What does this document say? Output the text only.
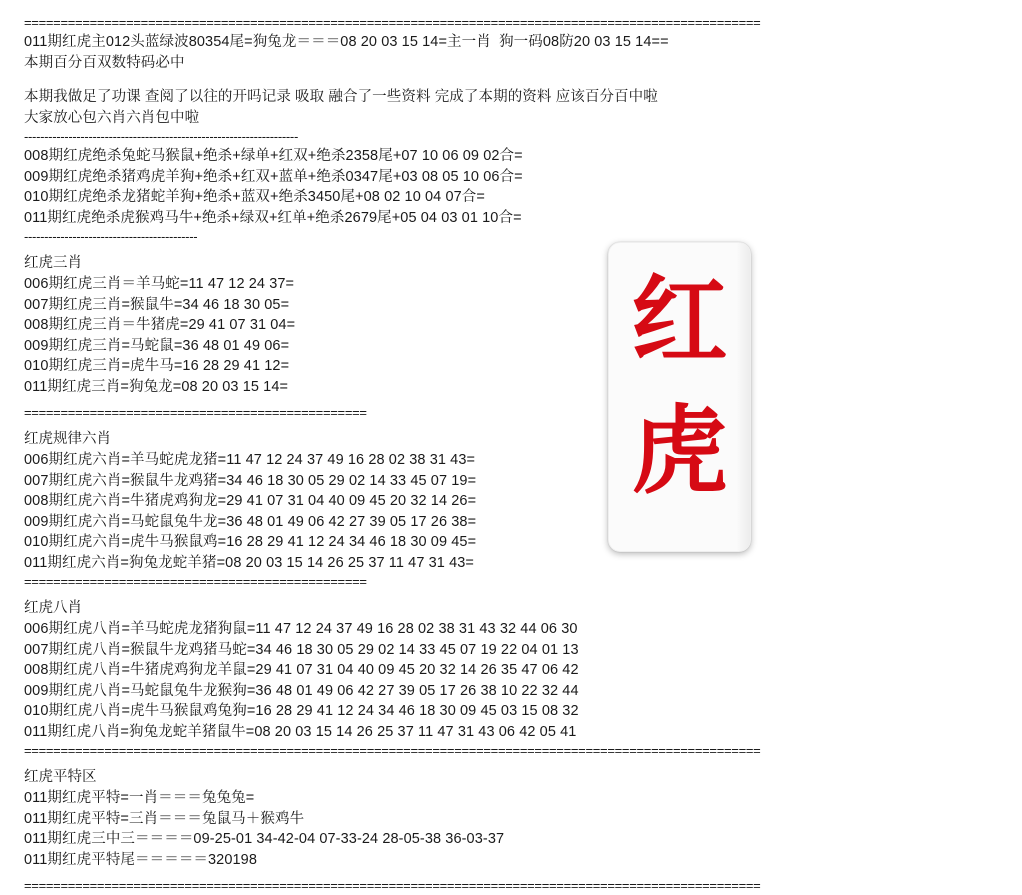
=====================================================================================================
011期红虎主012头蓝绿波80354尾=狗兔龙＝＝＝08 20 03 15 14=主一肖  狗一码08防20 03 15 14==
本期百分百双数特码必中
本期我做足了功课 查阅了以往的开吗记录 吸取 融合了一些资料 完成了本期的资料 应该百分百中啦
大家放心包六肖六肖包中啦
--------------------------------------------------------------------
008期红虎绝杀兔蛇马猴鼠+绝杀+绿单+红双+绝杀2358尾+07 10 06 09 02合=
009期红虎绝杀猪鸡虎羊狗+绝杀+红双+蓝单+绝杀0347尾+03 08 05 10 06合=
010期红虎绝杀龙猪蛇羊狗+绝杀+蓝双+绝杀3450尾+08 02 10 04 07合=
011期红虎绝杀虎猴鸡马牛+绝杀+绿双+红单+绝杀2679尾+05 04 03 01 10合=
-------------------------------------------
红虎三肖
006期红虎三肖＝羊马蛇=11 47 12 24 37=
007期红虎三肖=猴鼠牛=34 46 18 30 05=
008期红虎三肖＝牛猪虎=29 41 07 31 04=
009期红虎三肖=马蛇鼠=36 48 01 49 06=
010期红虎三肖=虎牛马=16 28 29 41 12=
011期红虎三肖=狗兔龙=08 20 03 15 14=
===============================================
红虎规律六肖
006期红虎六肖=羊马蛇虎龙猪=11 47 12 24 37 49 16 28 02 38 31 43=
007期红虎六肖=猴鼠牛龙鸡猪=34 46 18 30 05 29 02 14 33 45 07 19=
008期红虎六肖=牛猪虎鸡狗龙=29 41 07 31 04 40 09 45 20 32 14 26=
009期红虎六肖=马蛇鼠兔牛龙=36 48 01 49 06 42 27 39 05 17 26 38=
010期红虎六肖=虎牛马猴鼠鸡=16 28 29 41 12 24 34 46 18 30 09 45=
011期红虎六肖=狗兔龙蛇羊猪=08 20 03 15 14 26 25 37 11 47 31 43=
===============================================
红虎八肖
006期红虎八肖=羊马蛇虎龙猪狗鼠=11 47 12 24 37 49 16 28 02 38 31 43 32 44 06 30
007期红虎八肖=猴鼠牛龙鸡猪马蛇=34 46 18 30 05 29 02 14 33 45 07 19 22 04 01 13
008期红虎八肖=牛猪虎鸡狗龙羊鼠=29 41 07 31 04 40 09 45 20 32 14 26 35 47 06 42
009期红虎八肖=马蛇鼠兔牛龙猴狗=36 48 01 49 06 42 27 39 05 17 26 38 10 22 32 44
010期红虎八肖=虎牛马猴鼠鸡兔狗=16 28 29 41 12 24 34 46 18 30 09 45 03 15 08 32
011期红虎八肖=狗兔龙蛇羊猪鼠牛=08 20 03 15 14 26 25 37 11 47 31 43 06 42 05 41
=====================================================================================================
红虎平特区
011期红虎平特=一肖＝＝＝兔兔兔=
011期红虎平特=三肖＝＝＝兔鼠马＋猴鸡牛
011期红虎三中三＝＝＝＝09-25-01 34-42-04 07-33-24 28-05-38 36-03-37
011期红虎平特尾＝＝＝＝＝320198
=====================================================================================================
红
虎
